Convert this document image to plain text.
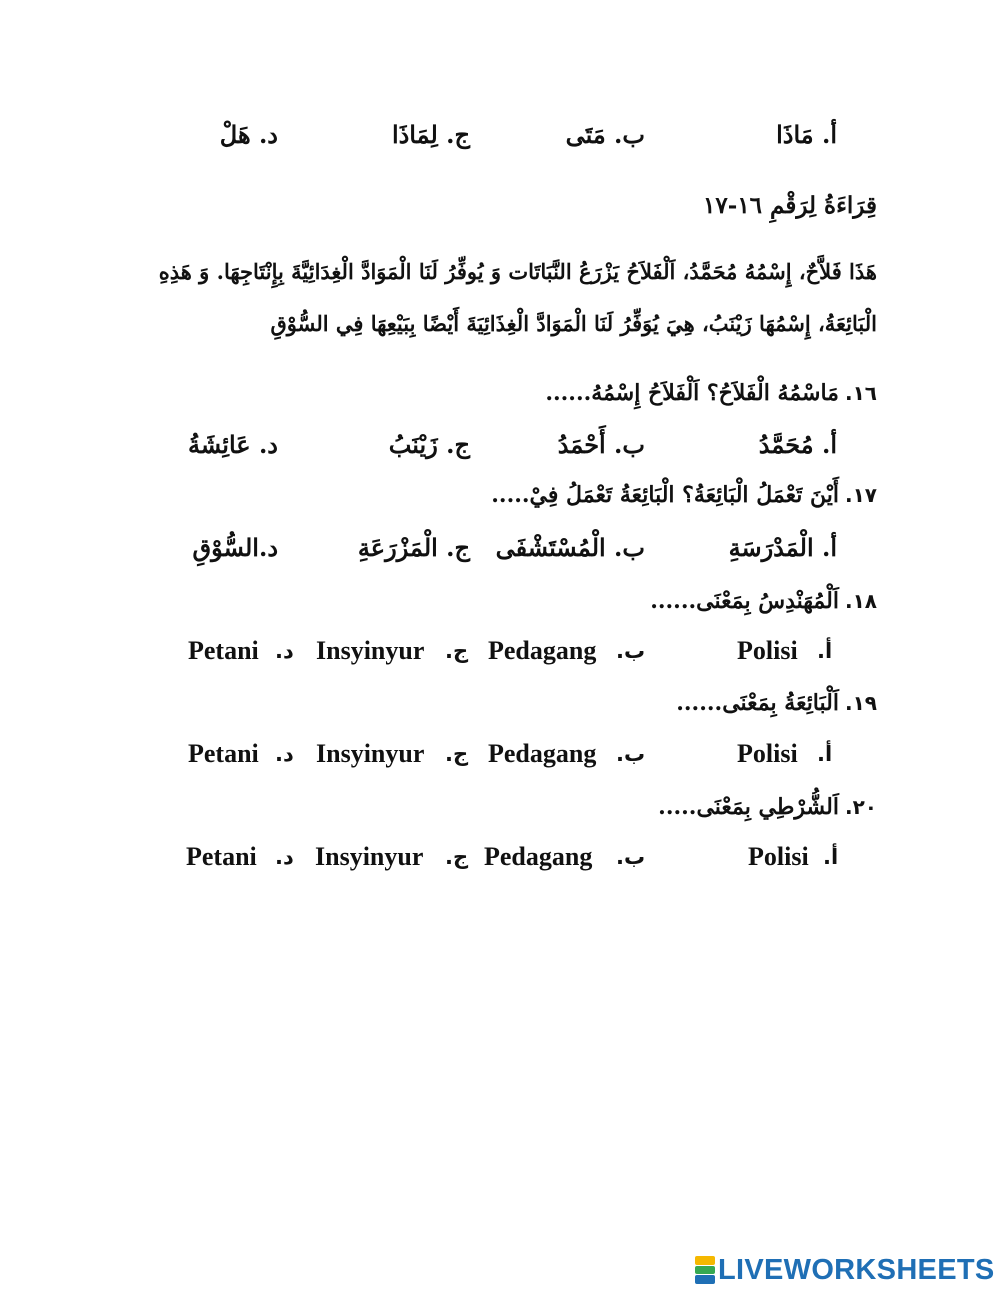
أ. مَاذَا
ب. مَتَى
ج. لِمَاذَا
د. هَلْ
قِرَاءَةُ لِرَقْمِ ١٦-١٧
هَذَا فَلاَّحٌ، إِسْمُهُ مُحَمَّدُ، اَلْفَلاَحُ يَزْرَعُ النَّبَاتَات وَ يُوفِّرُ لَنَا الْمَوَادَّ الْغِدَائِيَّةَ بِإِنْتَاجِهَا. وَ هَذِهِ الْبَائِعَةُ، إِسْمُهَا زَيْنَبُ، هِيَ يُوَفِّرُ لَنَا الْمَوَادَّ الْغِذَائِيَةَ أَيْضًا بِبَيْعِهَا فِي السُّوْقِ
١٦.مَاسْمُهُ الْفَلاَحُ؟ اَلْفَلاَحُ إِسْمُهُ......
أ. مُحَمَّدُ
ب. أَحْمَدُ
ج. زَيْنَبُ
د. عَائِشَةُ
١٧.أَيْنَ تَعْمَلُ الْبَائِعَةُ؟ الْبَائِعَةُ تَعْمَلُ فِيْ.....
أ. الْمَدْرَسَةِ
ب. الْمُسْتَشْفَى
ج. الْمَزْرَعَةِ
د.السُّوْقِ
١٨.اَلْمُهَنْدِسُ بِمَعْنَى......
أ.
Polisi
ب.
Pedagang
ج.
Insyinyur
د.
Petani
١٩.اَلْبَائِعَةُ بِمَعْنَى......
أ.
Polisi
ب.
Pedagang
ج.
Insyinyur
د.
Petani
٢٠.اَلشُّرْطِي بِمَعْنَى.....
أ.
Polisi
ب.
Pedagang
ج.
Insyinyur
د.
Petani
LIVEWORKSHEETS
